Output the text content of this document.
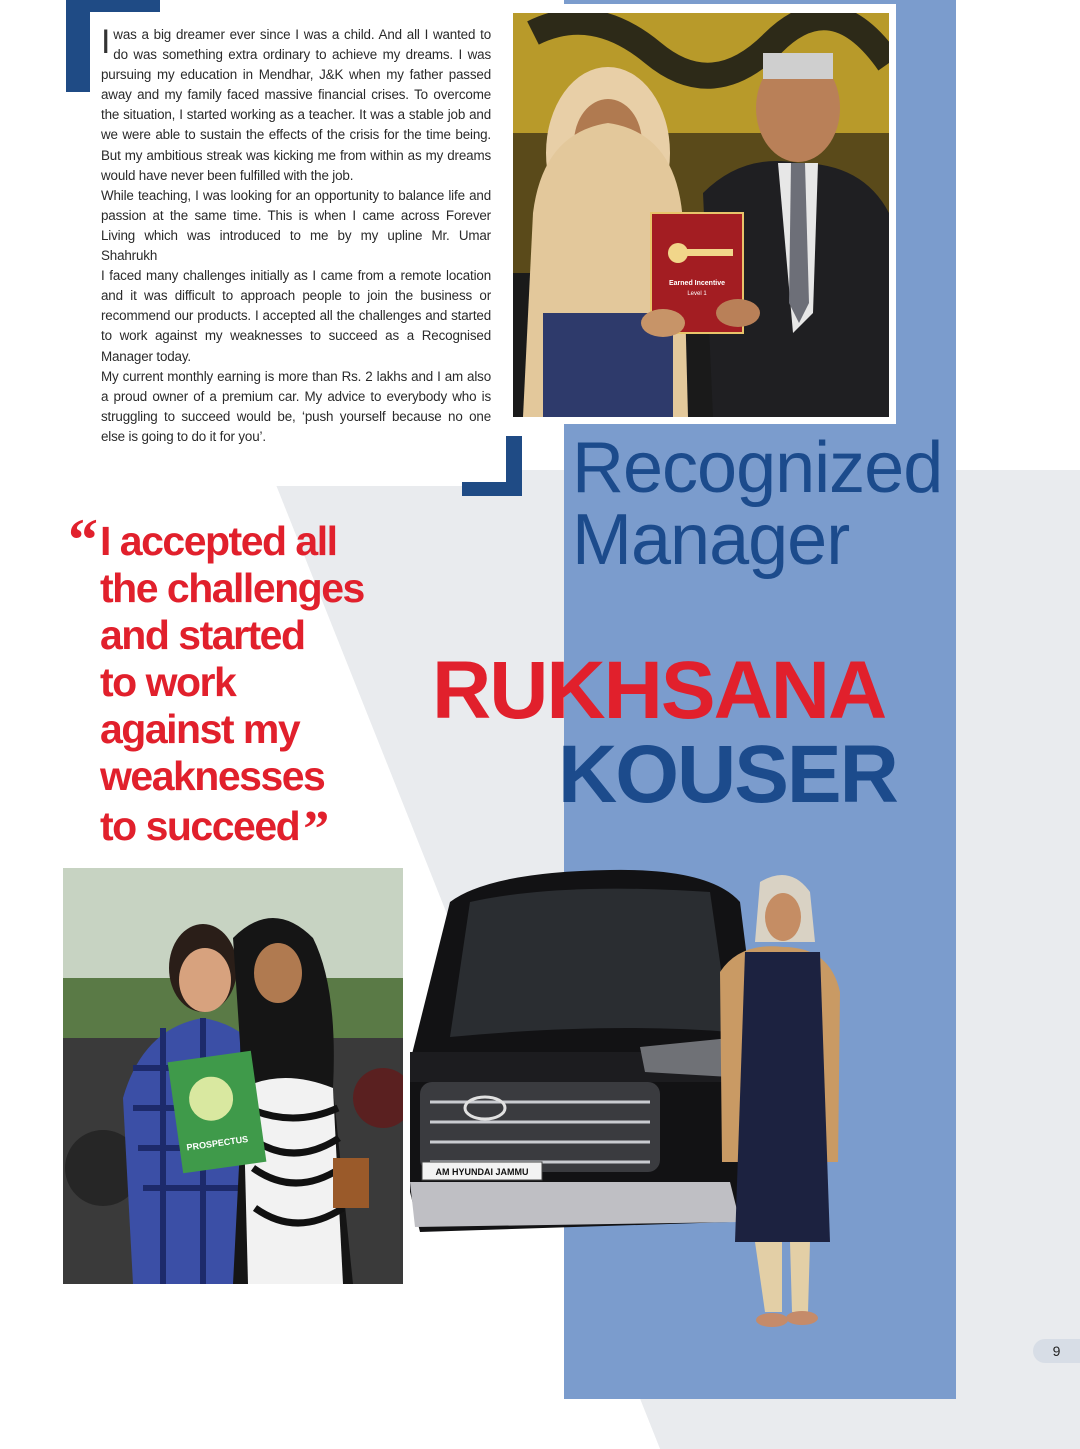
Iwas a big dreamer ever since I was a child. And all I wanted to do was something extra ordinary to achieve my dreams. I was pursuing my education in Mendhar, J&K when my father passed away and my family faced massive financial crises. To overcome the situation, I started working as a teacher. It was a stable job and we were able to sustain the effects of the crisis for the time being. But my ambitious streak was kicking me from within as my dreams would have never been fulfilled with the job.

While teaching, I was looking for an opportunity to balance life and passion at the same time. This is when I came across Forever Living which was introduced to me by my upline Mr. Umar Shahrukh

I faced many challenges initially as I came from a remote location and it was difficult to approach people to join the business or recommend our products. I accepted all the challenges and started to work against my weaknesses to succeed as a Recognised Manager today.

My current monthly earning is more than Rs. 2 lakhs and I am also a proud owner of a premium car. My advice to everybody who is struggling to succeed would be, ‘push yourself because no one else is going to do it for you’.

Earned Incentive
Level 1
Recognized
Manager
RUKHSANA
KOUSER
“ I accepted all
the challenges
and started
to work
against my
weaknesses
to succeed”
PROSPECTUS
AM HYUNDAI JAMMU
9
